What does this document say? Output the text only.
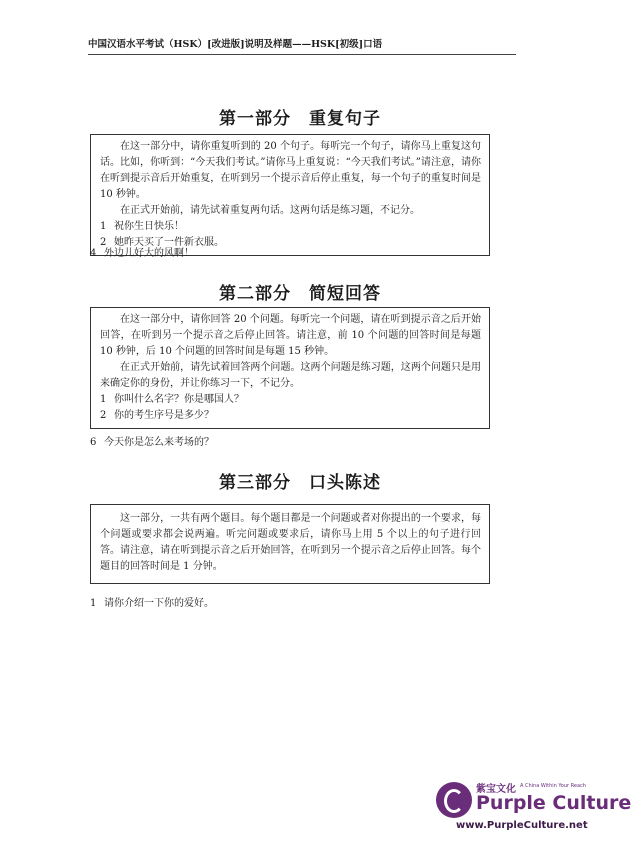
中国汉语水平考试（HSK）[改进版]说明及样题——HSK[初级]口语
第一部分　重复句子

在这一部分中，请你重复听到的 20 个句子。每听完一个句子，请你马上重复这句话。比如，你听到：“今天我们考试。”请你马上重复说：“今天我们考试。”请注意，请你在听到提示音后开始重复，在听到另一个提示音后停止重复，每一个句子的重复时间是 10 秒钟。

在正式开始前，请先试着重复两句话。这两句话是练习题，不记分。

1 祝你生日快乐！
2 她昨天买了一件新衣服。
4 外边儿好大的风啊！
第二部分　简短回答

在这一部分中，请你回答 20 个问题。每听完一个问题，请在听到提示音之后开始回答，在听到另一个提示音之后停止回答。请注意，前 10 个问题的回答时间是每题 10 秒钟，后 10 个问题的回答时间是每题 15 秒钟。

在正式开始前，请先试着回答两个问题。这两个问题是练习题，这两个问题只是用来确定你的身份，并让你练习一下，不记分。

1 你叫什么名字？你是哪国人？
2 你的考生序号是多少？
6 今天你是怎么来考场的？
第三部分　口头陈述

这一部分，一共有两个题目。每个题目都是一个问题或者对你提出的一个要求，每个问题或要求都会说两遍。听完问题或要求后，请你马上用 5 个以上的句子进行回答。请注意，请在听到提示音之后开始回答，在听到另一个提示音之后停止回答。每个题目的回答时间是 1 分钟。

1 请你介绍一下你的爱好。
紫宝文化 A China Within Your Reach
Purple Culture
www.PurpleCulture.net
